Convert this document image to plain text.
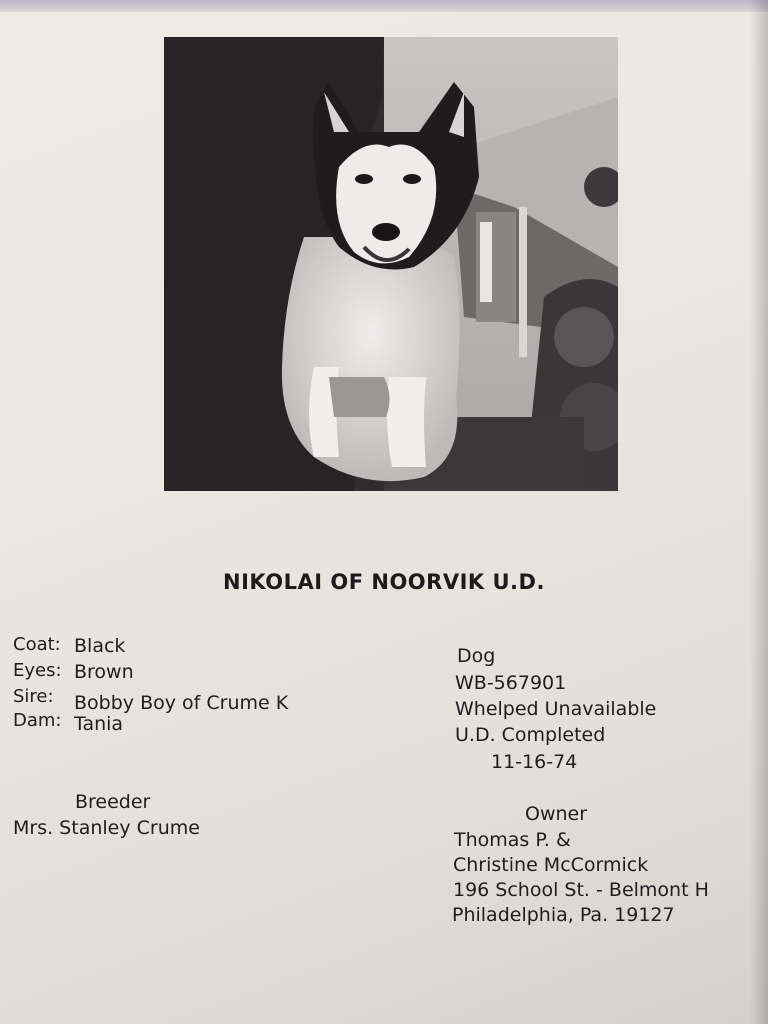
NIKOLAI OF NOORVIK U.D.
Coat: Black
Eyes: Brown
Sire: Bobby Boy of Crume K
Dam: Tania
Dog
WB-567901
Whelped Unavailable
U.D. Completed
11-16-74
Breeder
Mrs. Stanley Crume
Owner
Thomas P. &
Christine McCormick
196 School St. - Belmont H
Philadelphia, Pa. 19127
